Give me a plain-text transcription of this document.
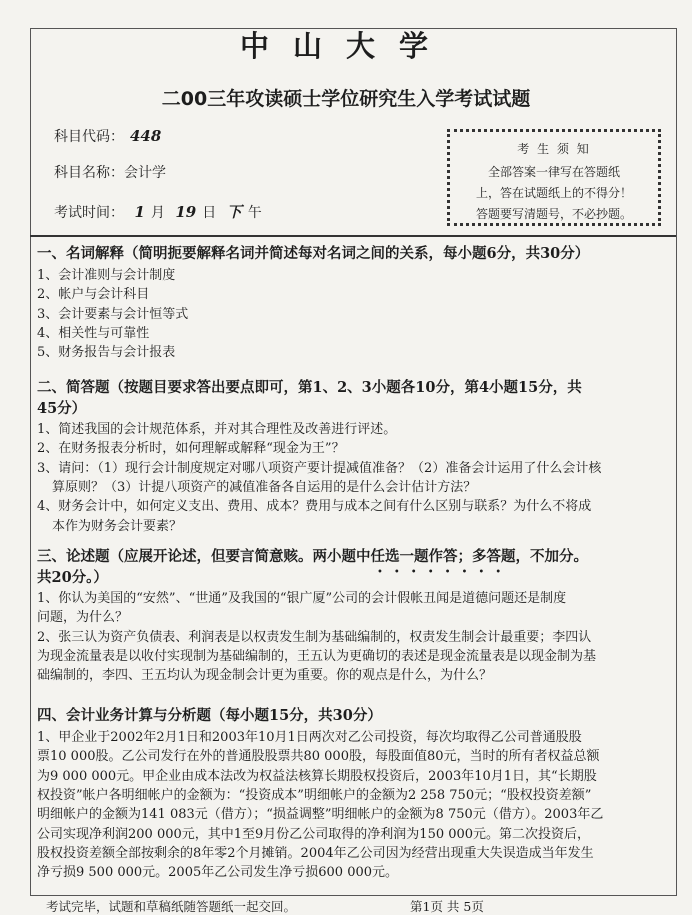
中山大学
二00三年攻读硕士学位研究生入学考试试题
科目代码： 448
科目名称：会计学
考试时间： 1 月 19 日 下 午
考 生 须 知
全部答案一律写在答题纸
上，答在试题纸上的不得分！
答题要写清题号，不必抄题。
一、名词解释（简明扼要解释名词并简述每对名词之间的关系，每小题6分，共30分）
1、会计准则与会计制度
2、帐户与会计科目
3、会计要素与会计恒等式
4、相关性与可靠性
5、财务报告与会计报表
二、简答题（按题目要求答出要点即可，第1、2、3小题各10分，第4小题15分，共
45分）
1、简述我国的会计规范体系，并对其合理性及改善进行评述。
2、在财务报表分析时，如何理解或解释“现金为王”？
3、请问：（1）现行会计制度规定对哪八项资产要计提减值准备？（2）准备会计运用了什么会计核
算原则？（3）计提八项资产的减值准备各自运用的是什么会计估计方法？
4、财务会计中，如何定义支出、费用、成本？费用与成本之间有什么区别与联系？为什么不将成
本作为财务会计要素？
三、论述题（应展开论述，但要言简意赅。两小题中任选一题作答；多答题，不加分。
共20分。）
1、你认为美国的“安然”、“世通”及我国的“银广厦”公司的会计假帐丑闻是道德问题还是制度
问题，为什么？
2、张三认为资产负债表、利润表是以权责发生制为基础编制的，权责发生制会计最重要；李四认
为现金流量表是以收付实现制为基础编制的，王五认为更确切的表述是现金流量表是以现金制为基
础编制的，李四、王五均认为现金制会计更为重要。你的观点是什么，为什么？
四、会计业务计算与分析题（每小题15分，共30分）
1、甲企业于2002年2月1日和2003年10月1日两次对乙公司投资，每次均取得乙公司普通股股
票10 000股。乙公司发行在外的普通股股票共80 000股，每股面值80元，当时的所有者权益总额
为9 000 000元。甲企业由成本法改为权益法核算长期股权投资后，2003年10月1日，其“长期股
权投资”帐户各明细帐户的金额为：“投资成本”明细帐户的金额为2 258 750元；“股权投资差额”
明细帐户的金额为141 083元（借方）；“损益调整”明细帐户的金额为8 750元（借方）。2003年乙
公司实现净利润200 000元，其中1至9月份乙公司取得的净利润为150 000元。第二次投资后，
股权投资差额全部按剩余的8年零2个月摊销。2004年乙公司因为经营出现重大失误造成当年发生
净亏损9 500 000元。2005年乙公司发生净亏损600 000元。
••••••••
考试完毕，试题和草稿纸随答题纸一起交回。	第1页 共 5页
